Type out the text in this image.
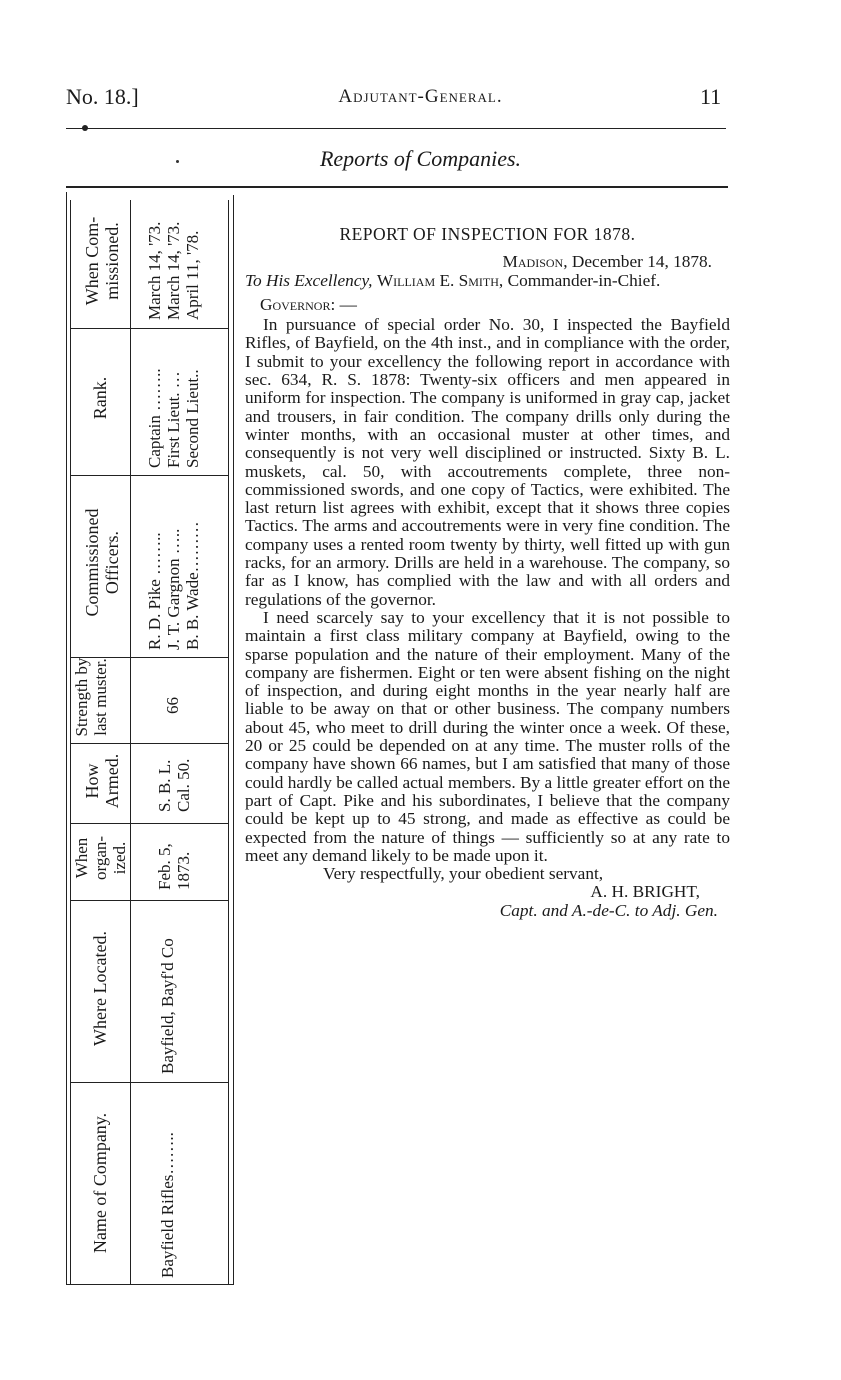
No. 18.]	Adjutant-General.	11
Reports of Companies.
When Com- missioned.
Rank.
Commissioned Officers.
Strength by last muster.
How Armed.
When organ- ized.
Where Located.
Name of Company.
March 14, '73. March 14, '73. April 11, '78.
Captain …….. First Lieut. … Second Lieut..
R. D. Pike …….. J. T. Gargnon ….. B. B. Wade………
66
S. B. L. Cal. 50.
Feb. 5, 1873.
Bayfield, Bayf'd Co
Bayfield Rifles……..

REPORT OF INSPECTION FOR 1878.

Madison, December 14, 1878.

To His Excellency, William E. Smith, Commander-in-Chief.

Governor: —

In pursuance of special order No. 30, I inspected the Bayfield Rifles, of Bayfield, on the 4th inst., and in compliance with the order, I submit to your excellency the following report in accordance with sec. 634, R. S. 1878: Twenty-six officers and men appeared in uniform for inspection. The company is uniformed in gray cap, jacket and trousers, in fair condition. The company drills only during the winter months, with an occasional muster at other times, and consequently is not very well disciplined or instructed. Sixty B. L. muskets, cal. 50, with accoutrements complete, three non-commissioned swords, and one copy of Tactics, were exhibited. The last return list agrees with exhibit, except that it shows three copies Tactics. The arms and accoutrements were in very fine condition. The company uses a rented room twenty by thirty, well fitted up with gun racks, for an armory. Drills are held in a warehouse. The company, so far as I know, has complied with the law and with all orders and regulations of the governor.

I need scarcely say to your excellency that it is not possible to maintain a first class military company at Bayfield, owing to the sparse population and the nature of their employment. Many of the company are fishermen. Eight or ten were absent fishing on the night of inspection, and during eight months in the year nearly half are liable to be away on that or other business. The company numbers about 45, who meet to drill during the winter once a week. Of these, 20 or 25 could be depended on at any time. The muster rolls of the company have shown 66 names, but I am satisfied that many of those could hardly be called actual members. By a little greater effort on the part of Capt. Pike and his subordinates, I believe that the company could be kept up to 45 strong, and made as effective as could be expected from the nature of things — sufficiently so at any rate to meet any demand likely to be made upon it.

Very respectfully, your obedient servant,

A. H. BRIGHT,

Capt. and A.-de-C. to Adj. Gen.
